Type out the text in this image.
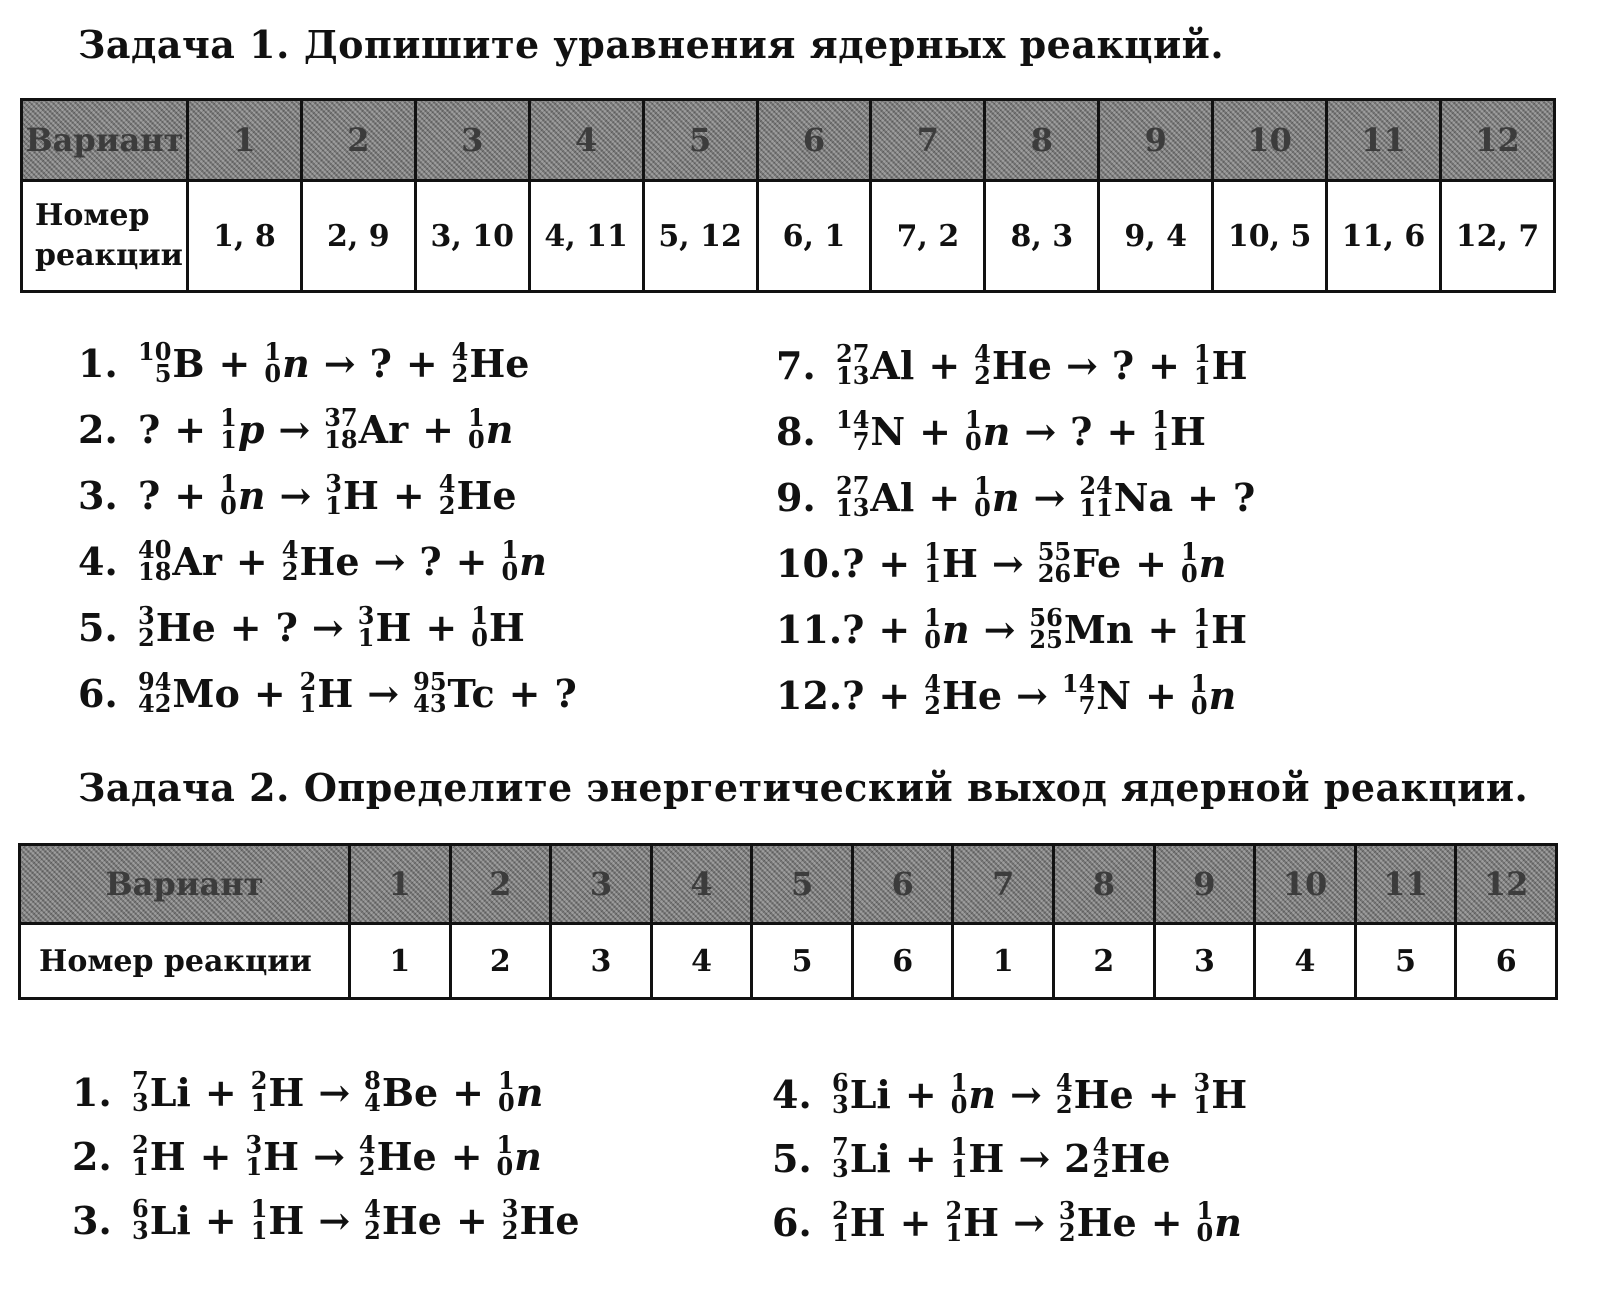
Задача 1. Допишите уравнения ядерных реакций.
Вариант	1	2	3	4	5	6	7	8	9	10	11	12
Номер
реакции	1, 8	2, 9	3, 10	4, 11	5, 12	6, 1	7, 2	8, 3	9, 4	10, 5	11, 6	12, 7
1. 10
5 B + 1
0 n → ? + 4
2 He
2. ? + 1
1 p → 37
18 Ar + 1
0 n
3. ? + 1
0 n → 3
1 H + 4
2 He
4. 40
18 Ar + 4
2 He → ? + 1
0 n
5. 3
2 He + ? → 3
1 H + 1
0 H
6. 94
42 Mo + 2
1 H → 95
43 Tc + ?
7. 27
13 Al + 4
2 He → ? + 1
1 H
8. 14
7 N + 1
0 n → ? + 1
1 H
9. 27
13 Al + 1
0 n → 24
11 Na + ?
10. ? + 1
1 H → 55
26 Fe + 1
0 n
11. ? + 1
0 n → 56
25 Mn + 1
1 H
12. ? + 4
2 He → 14
7 N + 1
0 n
Задача 2. Определите энергетический выход ядерной реакции.
Вариант	1	2	3	4	5	6	7	8	9	10	11	12
Номер реакции	1	2	3	4	5	6	1	2	3	4	5	6
1. 7
3 Li + 2
1 H → 8
4 Be + 1
0 n
2. 2
1 H + 3
1 H → 4
2 He + 1
0 n
3. 6
3 Li + 1
1 H → 4
2 He + 3
2 He
4. 6
3 Li + 1
0 n → 4
2 He + 3
1 H
5. 7
3 Li + 1
1 H → 2 4
2 He
6. 2
1 H + 2
1 H → 3
2 He + 1
0 n
